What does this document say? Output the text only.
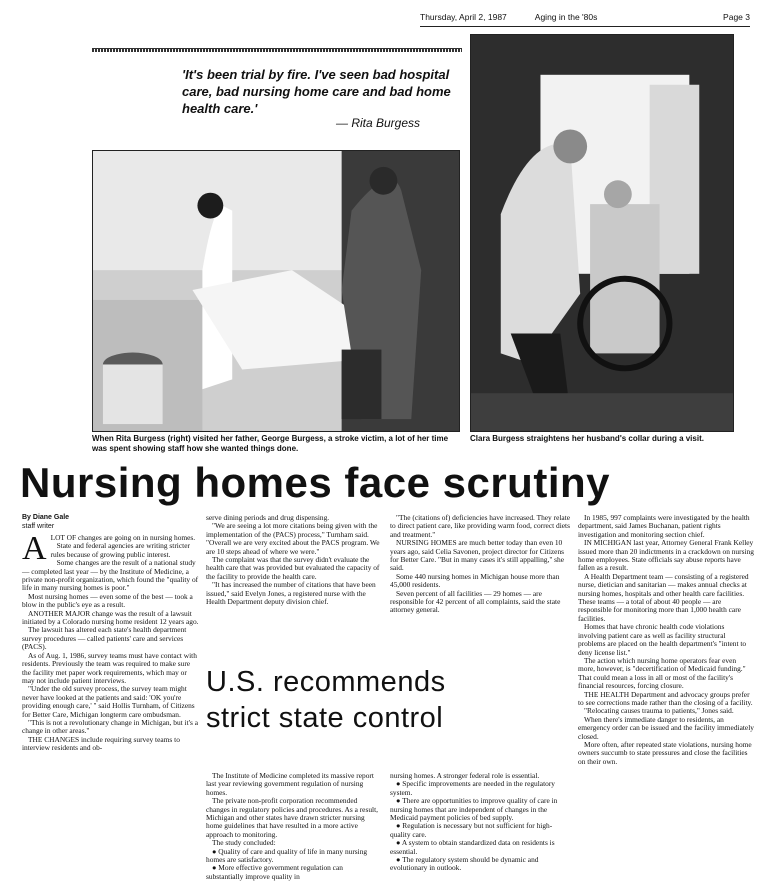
Thursday, April 2, 1987	Aging in the '80s	Page 3
'It's been trial by fire. I've seen bad hospital care, bad nursing home care and bad home health care.'
— Rita Burgess
When Rita Burgess (right) visited her father, George Burgess, a stroke victim, a lot of her time was spent showing staff how she wanted things done.
Clara Burgess straightens her husband's collar during a visit.
Nursing homes face scrutiny
By Diane Gale
staff writer
A LOT OF changes are going on in nursing homes.

State and federal agencies are writing stricter rules because of growing public interest.

Some changes are the result of a national study — completed last year — by the Institute of Medicine, a private non-profit organization, which found the "quality of life in many nursing homes is poor."

Most nursing homes — even some of the best — took a blow in the public's eye as a result.

ANOTHER MAJOR change was the result of a lawsuit initiated by a Colorado nursing home resident 12 years ago.

The lawsuit has altered each state's health department survey procedures — called patients' care and services (PACS).

As of Aug. 1, 1986, survey teams must have contact with residents. Previously the team was required to make sure the facility met paper work requirements, which may or may not include patient interviews.

"Under the old survey process, the survey team might never have looked at the patients and said: 'OK you're providing enough care,' " said Hollis Turnham, of Citizens for Better Care, Michigan longterm care ombudsman.

"This is not a revolutionary change in Michigan, but it's a change in other areas."

THE CHANGES include requiring survey teams to interview residents and ob-

serve dining periods and drug dispensing.

"We are seeing a lot more citations being given with the implementation of the (PACS) process," Turnham said. "Overall we are very excited about the PACS program. We are 10 steps ahead of where we were."

The complaint was that the survey didn't evaluate the health care that was provided but evaluated the capacity of the facility to provide the health care.

"It has increased the number of citations that have been issued," said Evelyn Jones, a registered nurse with the Health Department deputy division chief.

"The (citations of) deficiencies have increased. They relate to direct patient care, like providing warm food, correct diets and treatment."

NURSING HOMES are much better today than even 10 years ago, said Celia Savonen, project director for Citizens for Better Care. "But in many cases it's still appalling," she said.

Some 440 nursing homes in Michigan house more than 45,000 residents.

Seven percent of all facilities — 29 homes — are responsible for 42 percent of all complaints, said the state attorney general.

In 1985, 997 complaints were investigated by the health department, said James Buchanan, patient rights investigation and monitoring section chief.

IN MICHIGAN last year, Attorney General Frank Kelley issued more than 20 indictments in a crackdown on nursing home employees. State officials say abuse reports have fallen as a result.

A Health Department team — consisting of a registered nurse, dietician and sanitarian — makes annual checks at nursing homes, hospitals and other health care facilities. These teams — a total of about 40 people — are responsible for monitoring more than 1,000 health care facilities.

Homes that have chronic health code violations involving patient care as well as facility structural problems are placed on the health department's "intent to deny license list."

The action which nursing home operators fear even more, however, is "decertification of Medicaid funding." That could mean a loss in all or most of the facility's financial resources, forcing closure.

THE HEALTH Department and advocacy groups prefer to see corrections made rather than the closing of a facility.

"Relocating causes trauma to patients," Jones said.

When there's immediate danger to residents, an emergency order can be issued and the facility immediately closed.

More often, after repeated state violations, nursing home owners succumb to state pressures and close the facilities on their own.

U.S. recommends
strict state control

The Institute of Medicine completed its massive report last year reviewing government regulation of nursing homes.

The private non-profit corporation recommended changes in regulatory policies and procedures. As a result, Michigan and other states have drawn stricter nursing home guidelines that have resulted in a more active approach to monitoring.

The study concluded:

● Quality of care and quality of life in many nursing homes are satisfactory.

● More effective government regulation can substantially improve quality in

nursing homes. A stronger federal role is essential.

● Specific improvements are needed in the regulatory system.

● There are opportunities to improve quality of care in nursing homes that are independent of changes in the Medicaid payment policies of bed supply.

● Regulation is necessary but not sufficient for high-quality care.

● A system to obtain standardized data on residents is essential.

● The regulatory system should be dynamic and evolutionary in outlook.
